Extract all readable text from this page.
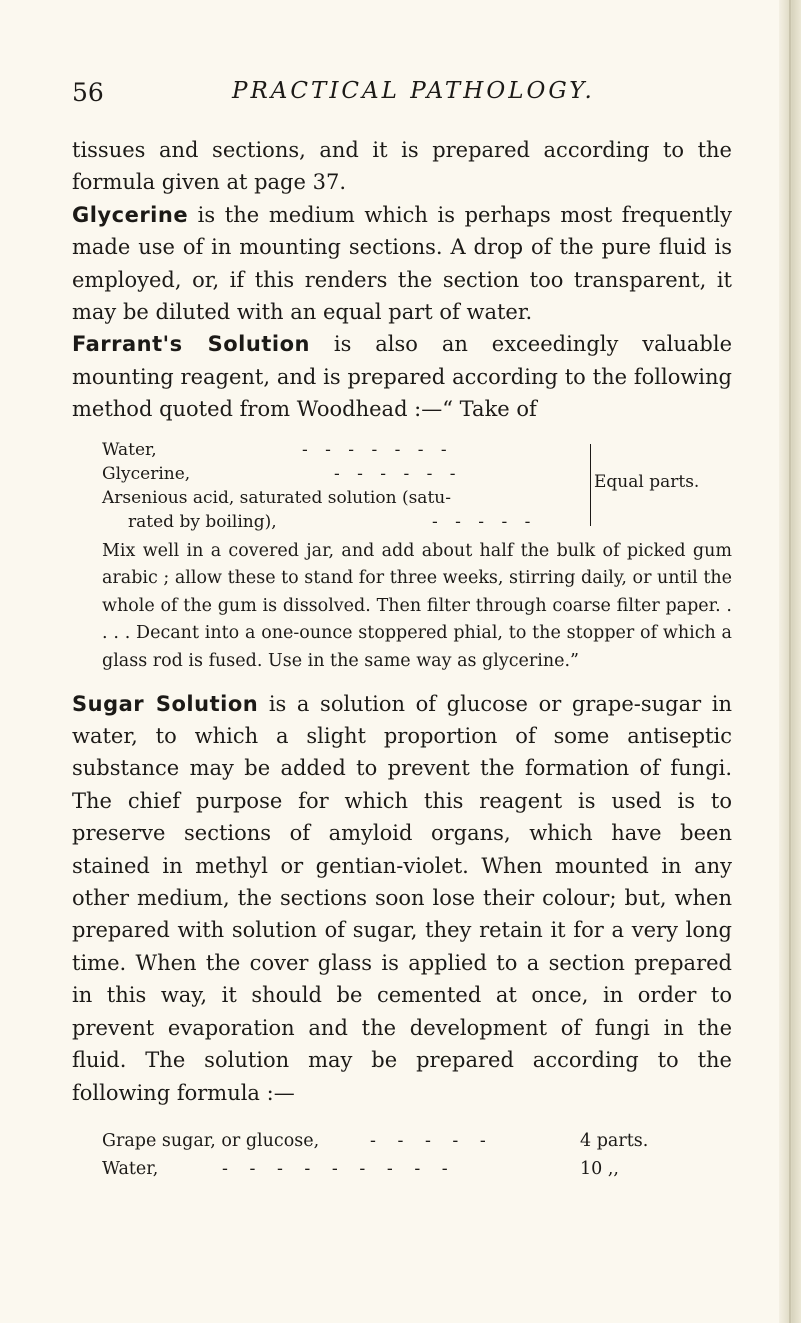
56	PRACTICAL PATHOLOGY.

tissues and sections, and it is prepared according to the formula given at page 37.

Glycerine is the medium which is perhaps most frequently made use of in mounting sections. A drop of the pure fluid is employed, or, if this renders the section too transparent, it may be diluted with an equal part of water.

Farrant's Solution is also an exceedingly valuable mounting reagent, and is prepared according to the following method quoted from Woodhead :—“ Take of

Water,	- - - - - - -
Glycerine,	- - - - - -
Arsenious acid, saturated solution (satu-
rated by boiling),	- - - - -
Equal parts.

Mix well in a covered jar, and add about half the bulk of picked gum arabic ; allow these to stand for three weeks, stirring daily, or until the whole of the gum is dissolved. Then filter through coarse filter paper. . . . . Decant into a one-ounce stoppered phial, to the stopper of which a glass rod is fused. Use in the same way as glycerine.”

Sugar Solution is a solution of glucose or grape-sugar in water, to which a slight proportion of some antiseptic substance may be added to prevent the formation of fungi. The chief purpose for which this reagent is used is to preserve sections of amyloid organs, which have been stained in methyl or gentian-violet. When mounted in any other medium, the sections soon lose their colour; but, when prepared with solution of sugar, they retain it for a very long time. When the cover glass is applied to a section prepared in this way, it should be cemented at once, in order to prevent evaporation and the development of fungi in the fluid. The solution may be prepared according to the following formula :—

Grape sugar, or glucose,	- - - - -	4 parts.
Water,	- - - - - - - - -	10 ,,
